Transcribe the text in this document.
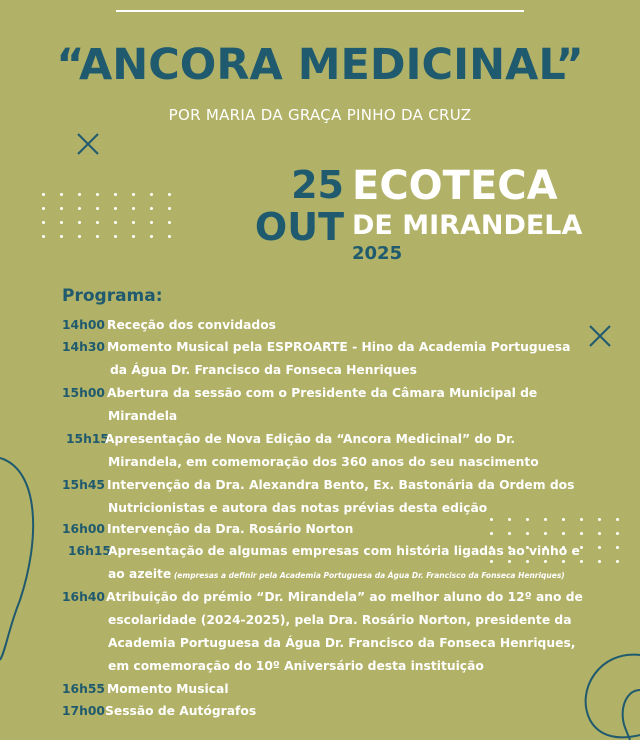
“ANCORA MEDICINAL”
POR MARIA DA GRAÇA PINHO DA CRUZ
25
OUT
ECOTECA
DE MIRANDELA
2025
Programa:
14h00 Receção dos convidados
14h30 Momento Musical pela ESPROARTE - Hino da Academia Portuguesa
da Água Dr. Francisco da Fonseca Henriques
15h00 Abertura da sessão com o Presidente da Câmara Municipal de
Mirandela
15h15
Apresentação de Nova Edição da “Ancora Medicinal” do Dr.
Mirandela, em comemoração dos 360 anos do seu nascimento
15h45 Intervenção da Dra. Alexandra Bento, Ex. Bastonária da Ordem dos
Nutricionistas e autora das notas prévias desta edição
16h00 Intervenção da Dra. Rosário Norton
16h15
Apresentação de algumas empresas com história ligadas ao vinho e
ao azeite (empresas a definir pela Academia Portuguesa da Água Dr. Francisco da Fonseca Henriques)
16h40 Atribuição do prémio “Dr. Mirandela” ao melhor aluno do 12º ano de
escolaridade (2024-2025), pela Dra. Rosário Norton, presidente da
Academia Portuguesa da Água Dr. Francisco da Fonseca Henriques,
em comemoração do 10º Aniversário desta instituição
16h55 Momento Musical
17h00 Sessão de Autógrafos
